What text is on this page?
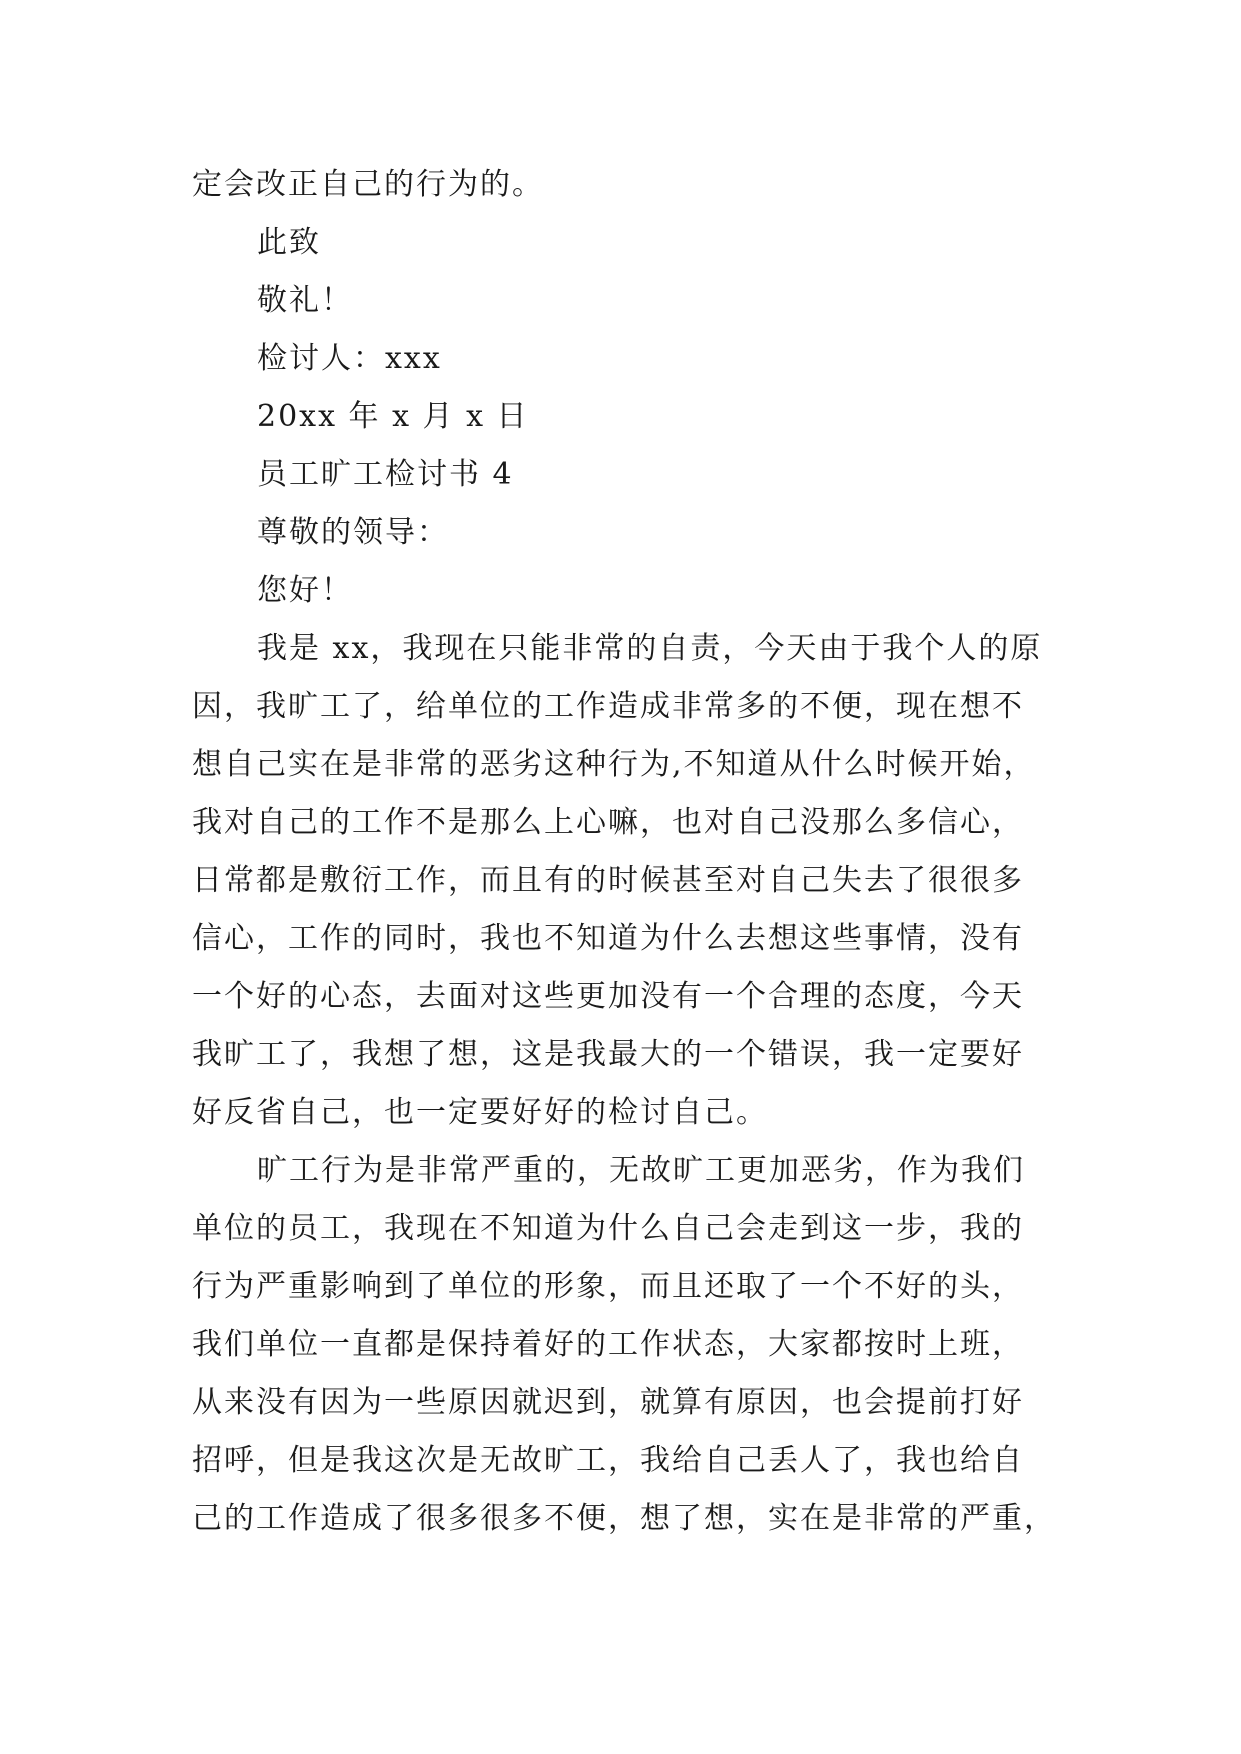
定会改正自己的行为的。
此致
敬礼！
检讨人：xxx
20xx 年 x 月 x 日
员工旷工检讨书 4
尊敬的领导：
您好！
我是 xx，我现在只能非常的自责，今天由于我个人的原
因，我旷工了，给单位的工作造成非常多的不便，现在想不
想自己实在是非常的恶劣这种行为,不知道从什么时候开始，
我对自己的工作不是那么上心嘛，也对自己没那么多信心，
日常都是敷衍工作，而且有的时候甚至对自己失去了很很多
信心，工作的同时，我也不知道为什么去想这些事情，没有
一个好的心态，去面对这些更加没有一个合理的态度，今天
我旷工了，我想了想，这是我最大的一个错误，我一定要好
好反省自己，也一定要好好的检讨自己。
旷工行为是非常严重的，无故旷工更加恶劣，作为我们
单位的员工，我现在不知道为什么自己会走到这一步，我的
行为严重影响到了单位的形象，而且还取了一个不好的头，
我们单位一直都是保持着好的工作状态，大家都按时上班，
从来没有因为一些原因就迟到，就算有原因，也会提前打好
招呼，但是我这次是无故旷工，我给自己丢人了，我也给自
己的工作造成了很多很多不便，想了想，实在是非常的严重，
